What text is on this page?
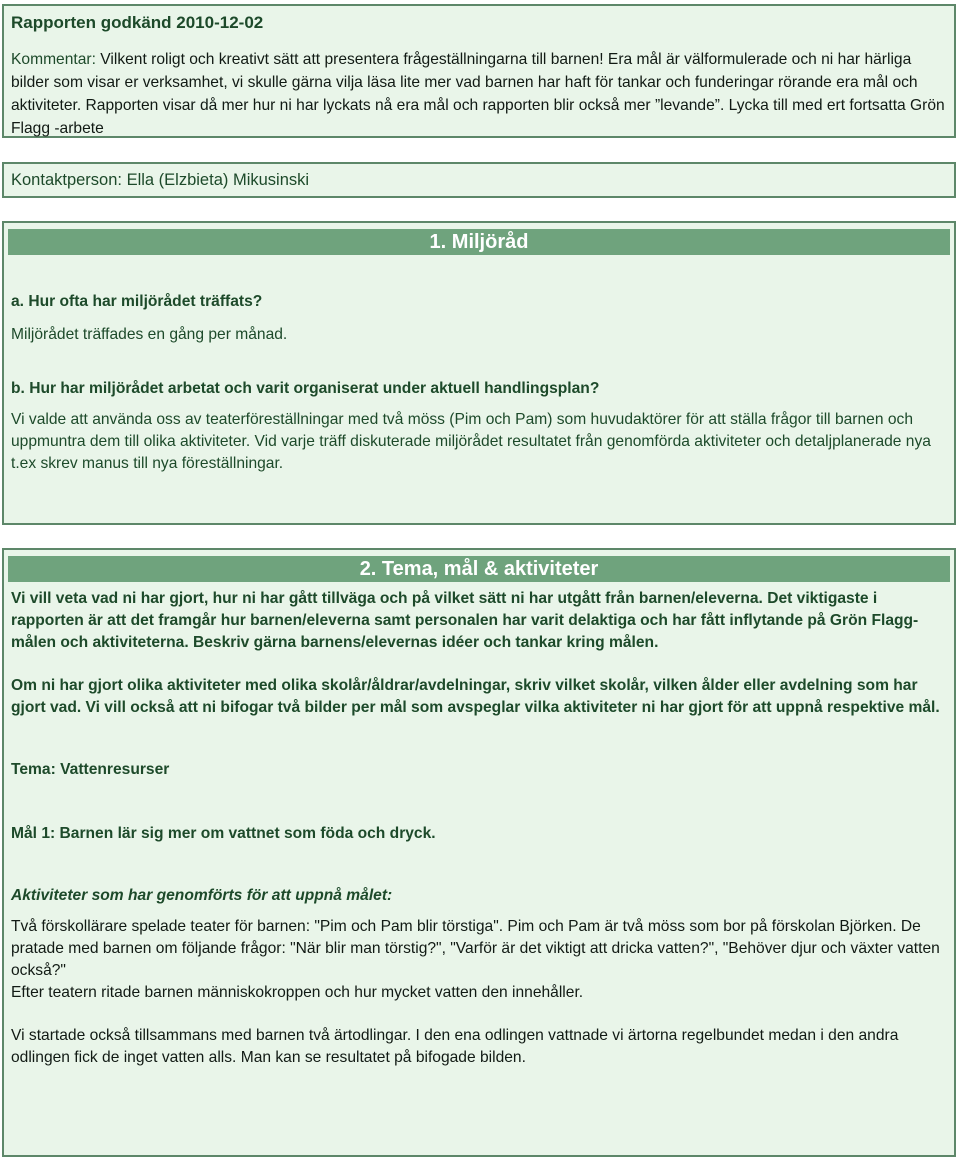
Rapporten godkänd 2010-12-02
Kommentar: Vilkent roligt och kreativt sätt att presentera frågeställningarna till barnen! Era mål är välformulerade och ni har härliga bilder som visar er verksamhet, vi skulle gärna vilja läsa lite mer vad barnen har haft för tankar och funderingar rörande era mål och aktiviteter. Rapporten visar då mer hur ni har lyckats nå era mål och rapporten blir också mer ”levande”. Lycka till med ert fortsatta Grön Flagg -arbete
Kontaktperson: Ella (Elzbieta) Mikusinski
1. Miljöråd
a. Hur ofta har miljörådet träffats?
Miljörådet träffades en gång per månad.
b. Hur har miljörådet arbetat och varit organiserat under aktuell handlingsplan?
Vi valde att använda oss av teaterföreställningar med två möss (Pim och Pam) som huvudaktörer för att ställa frågor till barnen och uppmuntra dem till olika aktiviteter. Vid varje träff diskuterade miljörådet resultatet från genomförda aktiviteter och detaljplanerade nya t.ex skrev manus till nya föreställningar.
2. Tema, mål & aktiviteter
Vi vill veta vad ni har gjort, hur ni har gått tillväga och på vilket sätt ni har utgått från barnen/eleverna. Det viktigaste i rapporten är att det framgår hur barnen/eleverna samt personalen har varit delaktiga och har fått inflytande på Grön Flagg- målen och aktiviteterna. Beskriv gärna barnens/elevernas idéer och tankar kring målen.
Om ni har gjort olika aktiviteter med olika skolår/åldrar/avdelningar, skriv vilket skolår, vilken ålder eller avdelning som har gjort vad. Vi vill också att ni bifogar två bilder per mål som avspeglar vilka aktiviteter ni har gjort för att uppnå respektive mål.
Tema: Vattenresurser
Mål 1: Barnen lär sig mer om vattnet som föda och dryck.
Aktiviteter som har genomförts för att uppnå målet:
Två förskollärare spelade teater för barnen: "Pim och Pam blir törstiga". Pim och Pam är två möss som bor på förskolan Björken. De pratade med barnen om följande frågor: "När blir man törstig?", "Varför är det viktigt att dricka vatten?", "Behöver djur och växter vatten också?"
Efter teatern ritade barnen människokroppen och hur mycket vatten den innehåller.
Vi startade också tillsammans med barnen två ärtodlingar. I den ena odlingen vattnade vi ärtorna regelbundet medan i den andra odlingen fick de inget vatten alls. Man kan se resultatet på bifogade bilden.
